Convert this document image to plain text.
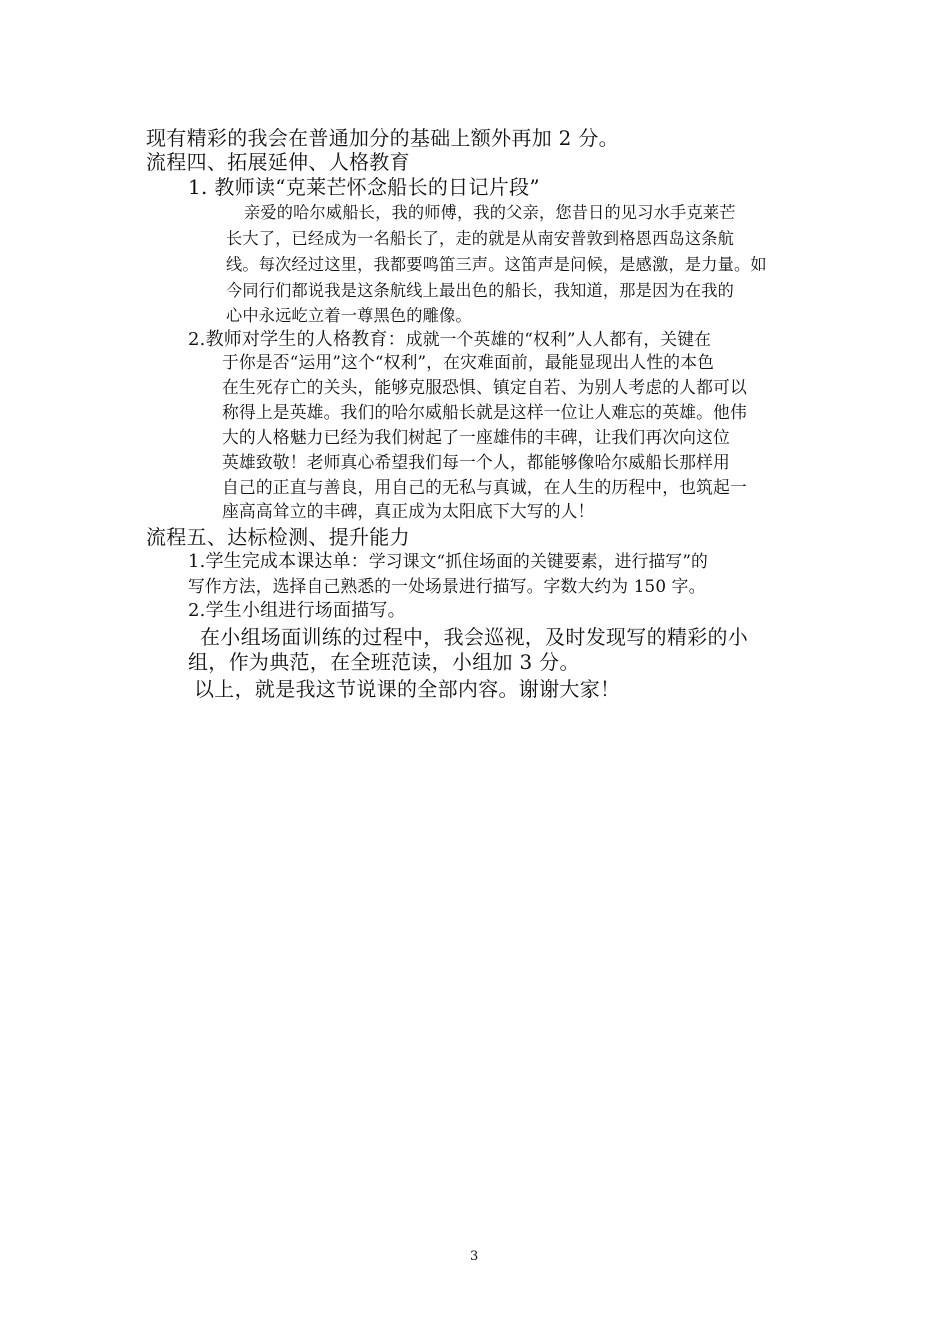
现有精彩的我会在普通加分的基础上额外再加 2 分。
流程四、拓展延伸、人格教育
1. 教师读“克莱芒怀念船长的日记片段”
亲爱的哈尔威船长，我的师傅，我的父亲，您昔日的见习水手克莱芒
长大了，已经成为一名船长了，走的就是从南安普敦到格恩西岛这条航
线。每次经过这里，我都要鸣笛三声。这笛声是问候，是感激，是力量。如
今同行们都说我是这条航线上最出色的船长，我知道，那是因为在我的
心中永远屹立着一尊黑色的雕像。
2.教师对学生的人格教育：成就一个英雄的“权利”人人都有，关键在
于你是否“运用”这个“权利”，在灾难面前，最能显现出人性的本色
在生死存亡的关头，能够克服恐惧、镇定自若、为别人考虑的人都可以
称得上是英雄。我们的哈尔威船长就是这样一位让人难忘的英雄。他伟
大的人格魅力已经为我们树起了一座雄伟的丰碑，让我们再次向这位
英雄致敬！老师真心希望我们每一个人，都能够像哈尔威船长那样用
自己的正直与善良，用自己的无私与真诚，在人生的历程中，也筑起一
座高高耸立的丰碑，真正成为太阳底下大写的人！
流程五、达标检测、提升能力
1.学生完成本课达单：学习课文“抓住场面的关键要素，进行描写”的
写作方法，选择自己熟悉的一处场景进行描写。字数大约为 150 字。
2.学生小组进行场面描写。
在小组场面训练的过程中，我会巡视，及时发现写的精彩的小
组，作为典范，在全班范读，小组加 3 分。
以上，就是我这节说课的全部内容。谢谢大家！
3
